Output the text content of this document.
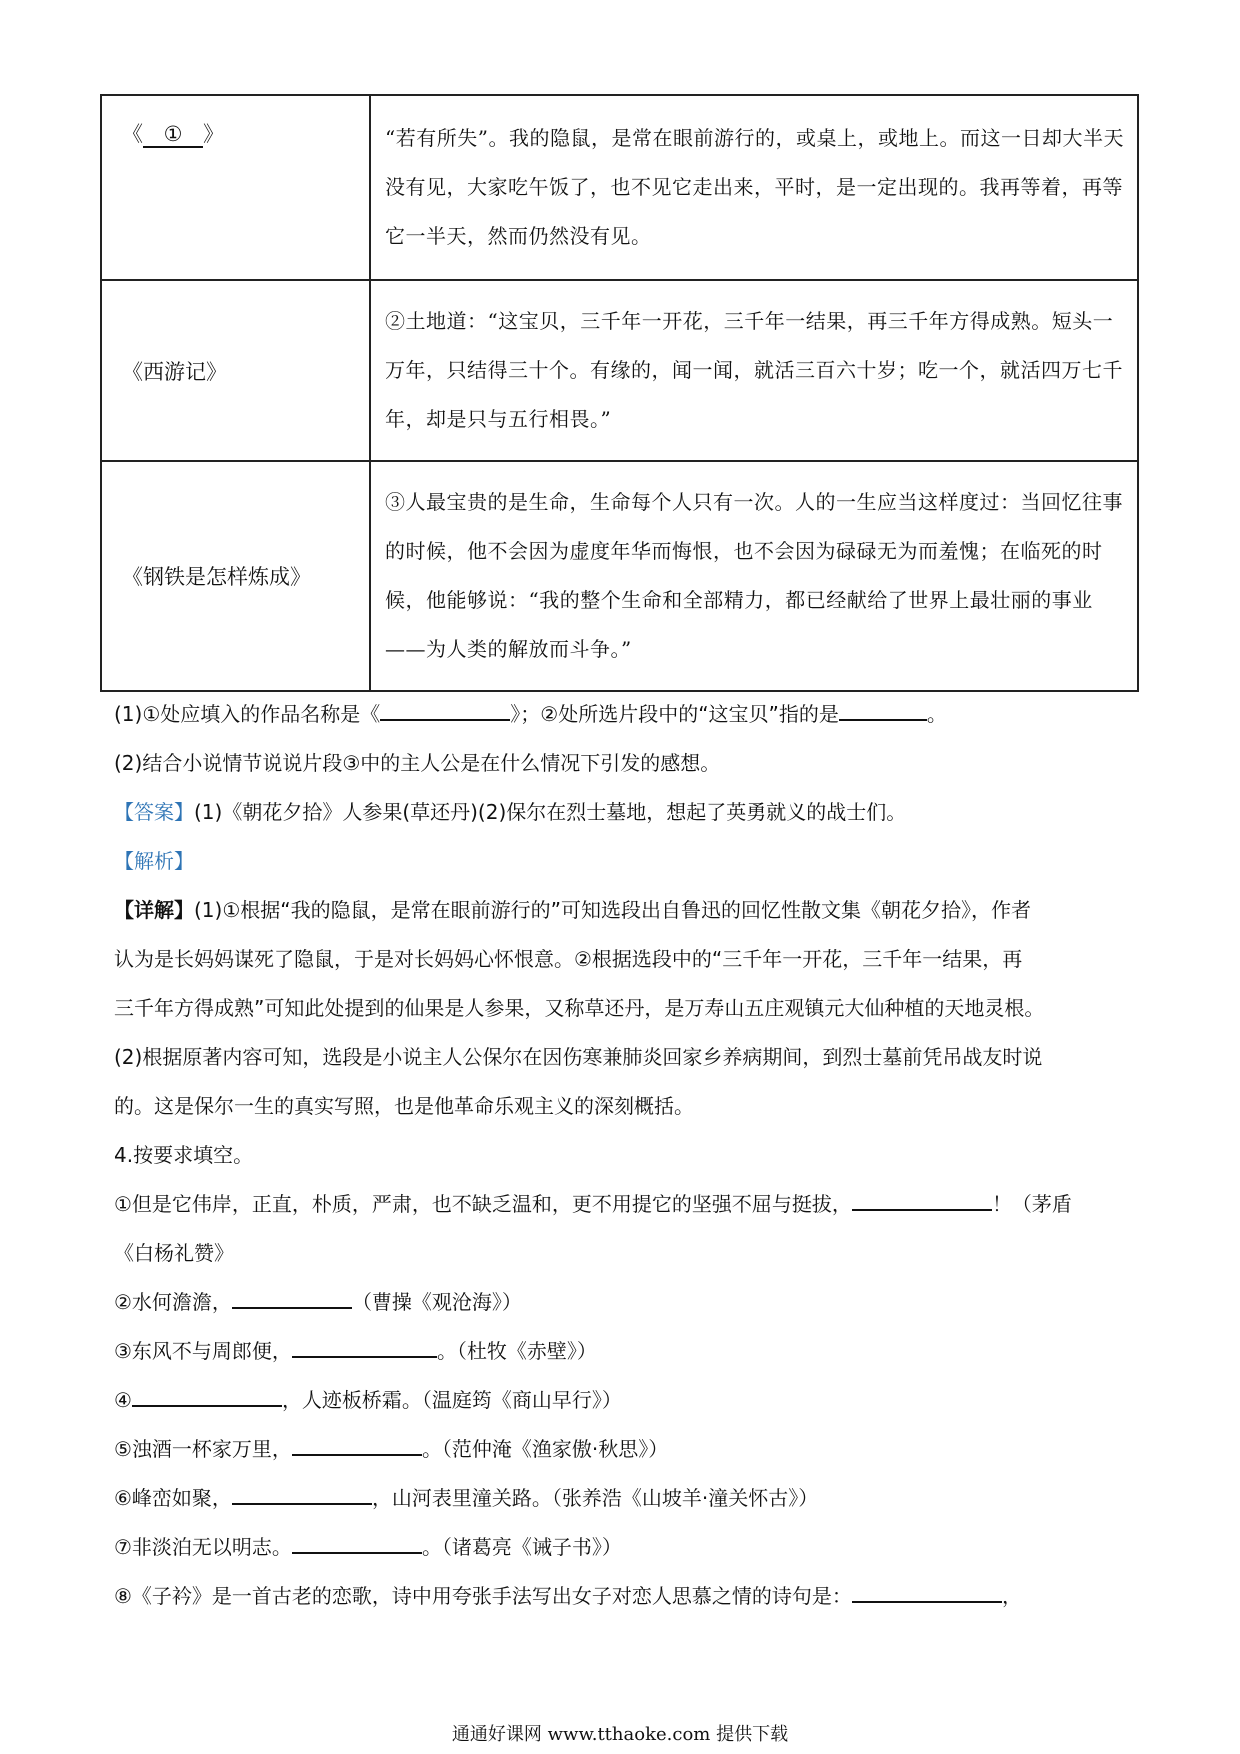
《 ① 》	“若有所失”。我的隐鼠，是常在眼前游行的，或桌上，或地上。而这一日却大半天没有见，大家吃午饭了，也不见它走出来，平时，是一定出现的。我再等着，再等它一半天，然而仍然没有见。
《西游记》	②土地道：“这宝贝，三千年一开花，三千年一结果，再三千年方得成熟。短头一万年，只结得三十个。有缘的，闻一闻，就活三百六十岁；吃一个，就活四万七千年，却是只与五行相畏。”
《钢铁是怎样炼成》	③人最宝贵的是生命，生命每个人只有一次。人的一生应当这样度过：当回忆往事的时候，他不会因为虚度年华而悔恨，也不会因为碌碌无为而羞愧；在临死的时候，他能够说：“我的整个生命和全部精力，都已经献给了世界上最壮丽的事业——为人类的解放而斗争。”

(1)①处应填入的作品名称是《	》；②处所选片段中的“这宝贝”指的是	。

(2)结合小说情节说说片段③中的主人公是在什么情况下引发的感想。

【答案】(1)《朝花夕拾》人参果(草还丹)(2)保尔在烈士墓地，想起了英勇就义的战士们。

【解析】

【详解】(1)①根据“我的隐鼠，是常在眼前游行的”可知选段出自鲁迅的回忆性散文集《朝花夕拾》，作者

认为是长妈妈谋死了隐鼠，于是对长妈妈心怀恨意。②根据选段中的“三千年一开花，三千年一结果，再

三千年方得成熟”可知此处提到的仙果是人参果，又称草还丹，是万寿山五庄观镇元大仙种植的天地灵根。

(2)根据原著内容可知，选段是小说主人公保尔在因伤寒兼肺炎回家乡养病期间，到烈士墓前凭吊战友时说

的。这是保尔一生的真实写照，也是他革命乐观主义的深刻概括。

4.按要求填空。

①但是它伟岸，正直，朴质，严肃，也不缺乏温和，更不用提它的坚强不屈与挺拔，	！（茅盾

《白杨礼赞》

②水何澹澹，	（曹操《观沧海》）

③东风不与周郎便，	。（杜牧《赤壁》）

④	，人迹板桥霜。（温庭筠《商山早行》）

⑤浊酒一杯家万里，	。（范仲淹《渔家傲·秋思》）

⑥峰峦如聚，	，山河表里潼关路。（张养浩《山坡羊·潼关怀古》）

⑦非淡泊无以明志。	。（诸葛亮《诫子书》）

⑧《子衿》是一首古老的恋歌，诗中用夸张手法写出女子对恋人思慕之情的诗句是：	，

通通好课网 www.tthaoke.com 提供下载
